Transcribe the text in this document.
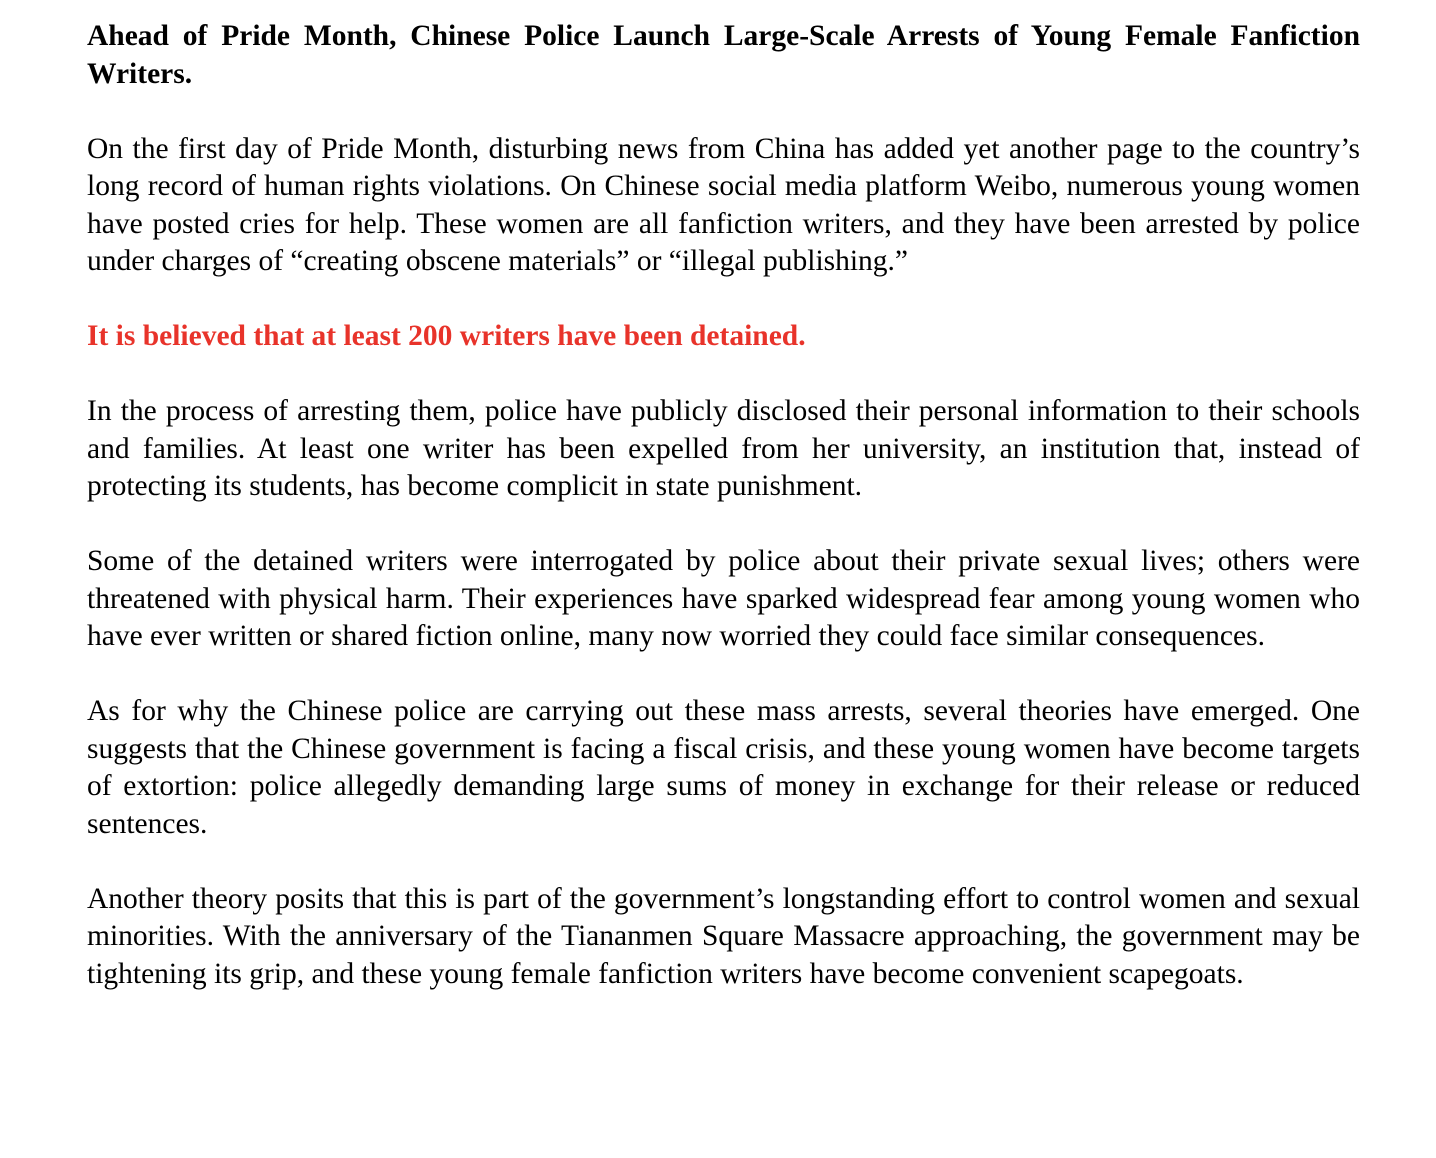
Ahead of Pride Month, Chinese Police Launch Large-Scale Arrests of Young Female Fanfiction Writers.

On the first day of Pride Month, disturbing news from China has added yet another page to the country’s long record of human rights violations. On Chinese social media platform Weibo, numerous young women have posted cries for help. These women are all fanfiction writers, and they have been arrested by police under charges of “creating obscene materials” or “illegal publishing.”

It is believed that at least 200 writers have been detained.

In the process of arresting them, police have publicly disclosed their personal information to their schools and families. At least one writer has been expelled from her university, an institution that, instead of protecting its students, has become complicit in state punishment.

Some of the detained writers were interrogated by police about their private sexual lives; others were threatened with physical harm. Their experiences have sparked widespread fear among young women who have ever written or shared fiction online, many now worried they could face similar consequences.

As for why the Chinese police are carrying out these mass arrests, several theories have emerged. One suggests that the Chinese government is facing a fiscal crisis, and these young women have become targets of extortion: police allegedly demanding large sums of money in exchange for their release or reduced sentences.

Another theory posits that this is part of the government’s longstanding effort to control women and sexual minorities. With the anniversary of the Tiananmen Square Massacre approaching, the government may be tightening its grip, and these young female fanfiction writers have become convenient scapegoats.
